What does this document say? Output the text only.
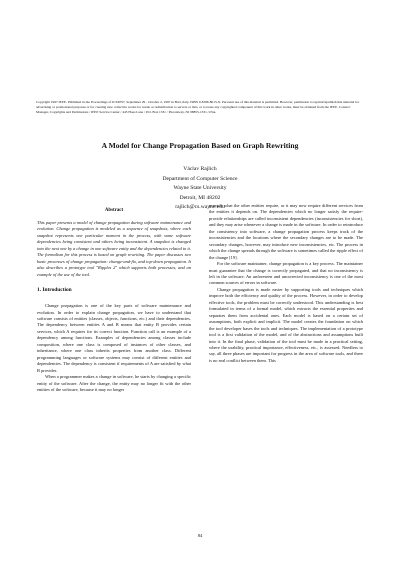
Copyright 1997 IEEE. Published in the Proceedings of ICSM'97, September 29 - October 2, 1997 in Bari, Italy. ISBN 0-8186-8013-X. Personal use of this material is permitted. However, permission to reprint/republish this material for advertising or promotional purposes or for creating new collective works for resale or redistribution to servers or lists, or to reuse any copyrighted component of this work in other works, must be obtained from the IEEE. Contact: Manager, Copyrights and Permissions / IEEE Service Center / 445 Hoes Lane / P.O. Box 1331 / Piscataway, NJ 08855-1331, USA.
A Model for Change Propagation Based on Graph Rewriting
Václav Rajlich
Department of Computer Science
Wayne State University
Detroit, MI 48202
rajlich@cs.wayne.edu
Abstract

This paper presents a model of change propagation during software maintenance and evolution. Change propagation is modeled as a sequence of snapshots, where each snapshot represents one particular moment in the process, with some software dependencies being consistent and others being inconsistent. A snapshot is changed into the next one by a change in one software entity and the dependencies related to it. The formalism for this process is based on graph rewriting. The paper discusses two basic processes of change propagation: change-and-fix, and top-down propagation. It also describes a prototype tool "Ripples 2" which supports both processes, and an example of the use of the tool.

1. Introduction

Change propagation is one of the key parts of software maintenance and evolution. In order to explain change propagation, we have to understand that software consists of entities (classes, objects, functions, etc.) and their dependencies. The dependency between entities A and B means that entity B provides certain services, which A requires for its correct function. Function call is an example of a dependency among functions. Examples of dependencies among classes include composition, where one class is composed of instances of other classes, and inheritance, where one class inherits properties from another class. Different programming languages or software systems may consist of different entities and dependencies. The dependency is consistent if requirements of A are satisfied by what B provides.

When a programmer makes a change in software, he starts by changing a specific entity of the software. After the change, the entity may no longer fit with the other entities of the software, because it may no longer

provide what the other entities require, or it may now require different services from the entities it depends on. The dependencies which no longer satisfy the require-provide relationships are called inconsistent dependencies (inconsistencies for short), and they may arise whenever a change is made in the software. In order to reintroduce the consistency into software, a change propagation process keeps track of the inconsistencies and the locations where the secondary changes are to be made. The secondary changes, however, may introduce new inconsistencies, etc. The process in which the change spreads through the software is sometimes called the ripple effect of the change [19].

For the software maintainer, change propagation is a key process. The maintainer must guarantee that the change is correctly propagated, and that no inconsistency is left in the software. An unforeseen and uncorrected inconsistency is one of the most common sources of errors in software.

Change propagation is made easier by supporting tools and techniques which improve both the efficiency and quality of the process. However, in order to develop effective tools, the problem must be correctly understood. This understanding is best formulated in terms of a formal model, which extracts the essential properties and separates them from accidental ones. Each model is based on a certain set of assumptions, both explicit and implicit. The model creates the foundation on which the tool developer bases the tools and techniques. The implementation of a prototype tool is a first validation of the model, and of the abstractions and assumptions built into it. In the final phase, validation of the tool must be made in a practical setting, where the usability, practical importance, effectiveness, etc., is assessed. Needless to say, all three phases are important for progress in the area of software tools, and there is no real conflict between them. This

84
